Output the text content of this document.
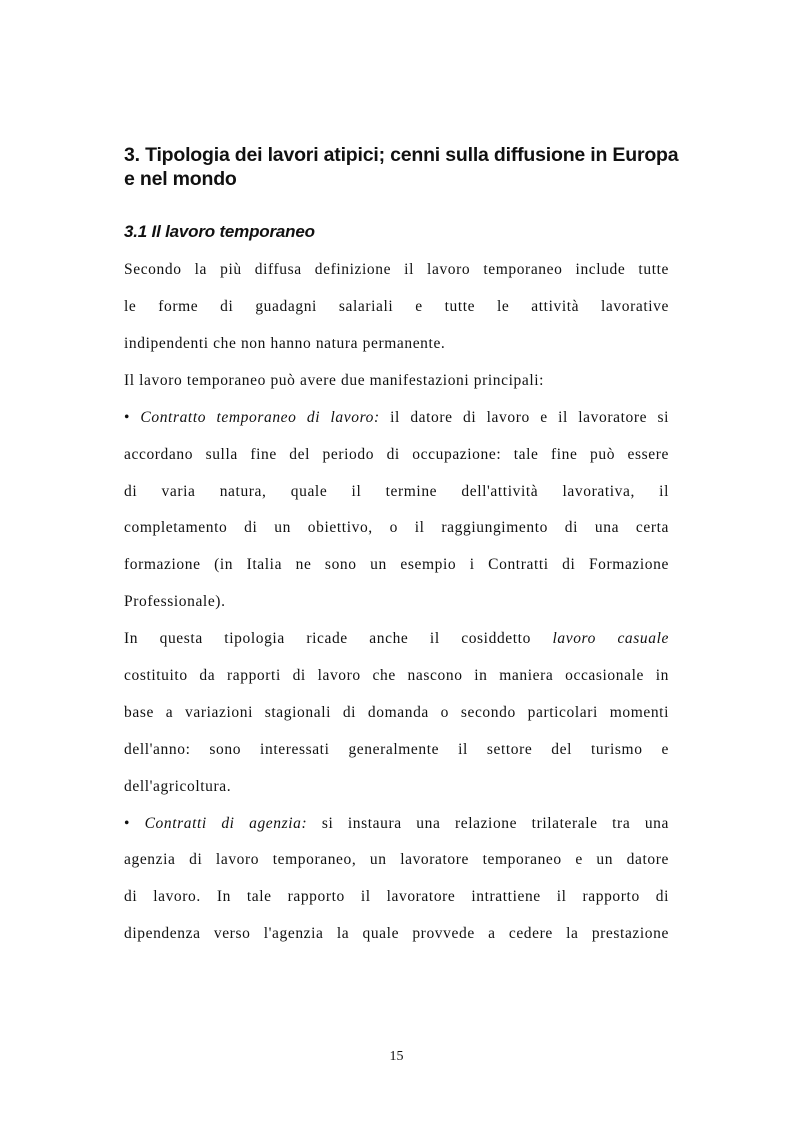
3. Tipologia dei lavori atipici; cenni sulla diffusione in Europa
e nel mondo
3.1 Il lavoro temporaneo

Secondo la più diffusa definizione il lavoro temporaneo include tutte

le forme di guadagni salariali e tutte le attività lavorative

indipendenti che non hanno natura permanente.

Il lavoro temporaneo può avere due manifestazioni principali:

• Contratto temporaneo di lavoro: il datore di lavoro e il lavoratore si

accordano sulla fine del periodo di occupazione: tale fine può essere

di varia natura, quale il termine dell'attività lavorativa, il

completamento di un obiettivo, o il raggiungimento di una certa

formazione (in Italia ne sono un esempio i Contratti di Formazione

Professionale).

In questa tipologia ricade anche il cosiddetto lavoro casuale

costituito da rapporti di lavoro che nascono in maniera occasionale in

base a variazioni stagionali di domanda o secondo particolari momenti

dell'anno: sono interessati generalmente il settore del turismo e

dell'agricoltura.

• Contratti di agenzia: si instaura una relazione trilaterale tra una

agenzia di lavoro temporaneo, un lavoratore temporaneo e un datore

di lavoro. In tale rapporto il lavoratore intrattiene il rapporto di

dipendenza verso l'agenzia la quale provvede a cedere la prestazione

15
